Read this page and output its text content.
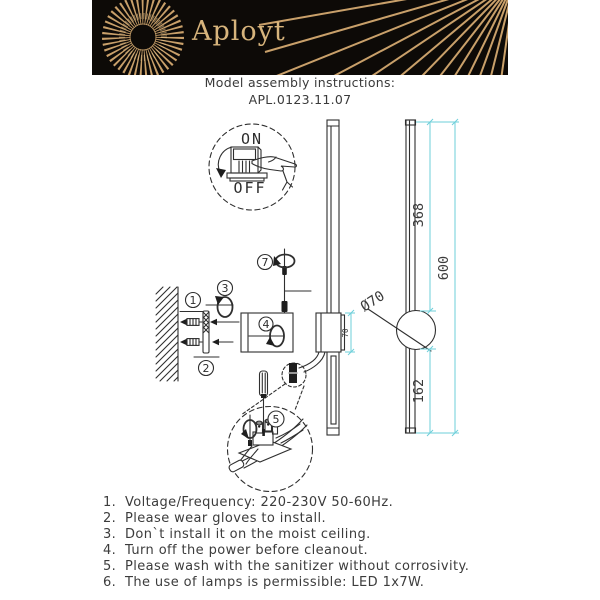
Aployt
Model assembly instructions:
APL.0123.11.07
ON
OFF
1
2
3
4
7
70
5
Ø70
368
600
162
1. Voltage/Frequency: 220-230V 50-60Hz.
2. Please wear gloves to install.
3. Don`t install it on the moist ceiling.
4. Turn off the power before cleanout.
5. Please wash with the sanitizer without corrosivity.
6. The use of lamps is permissible: LED 1x7W.
